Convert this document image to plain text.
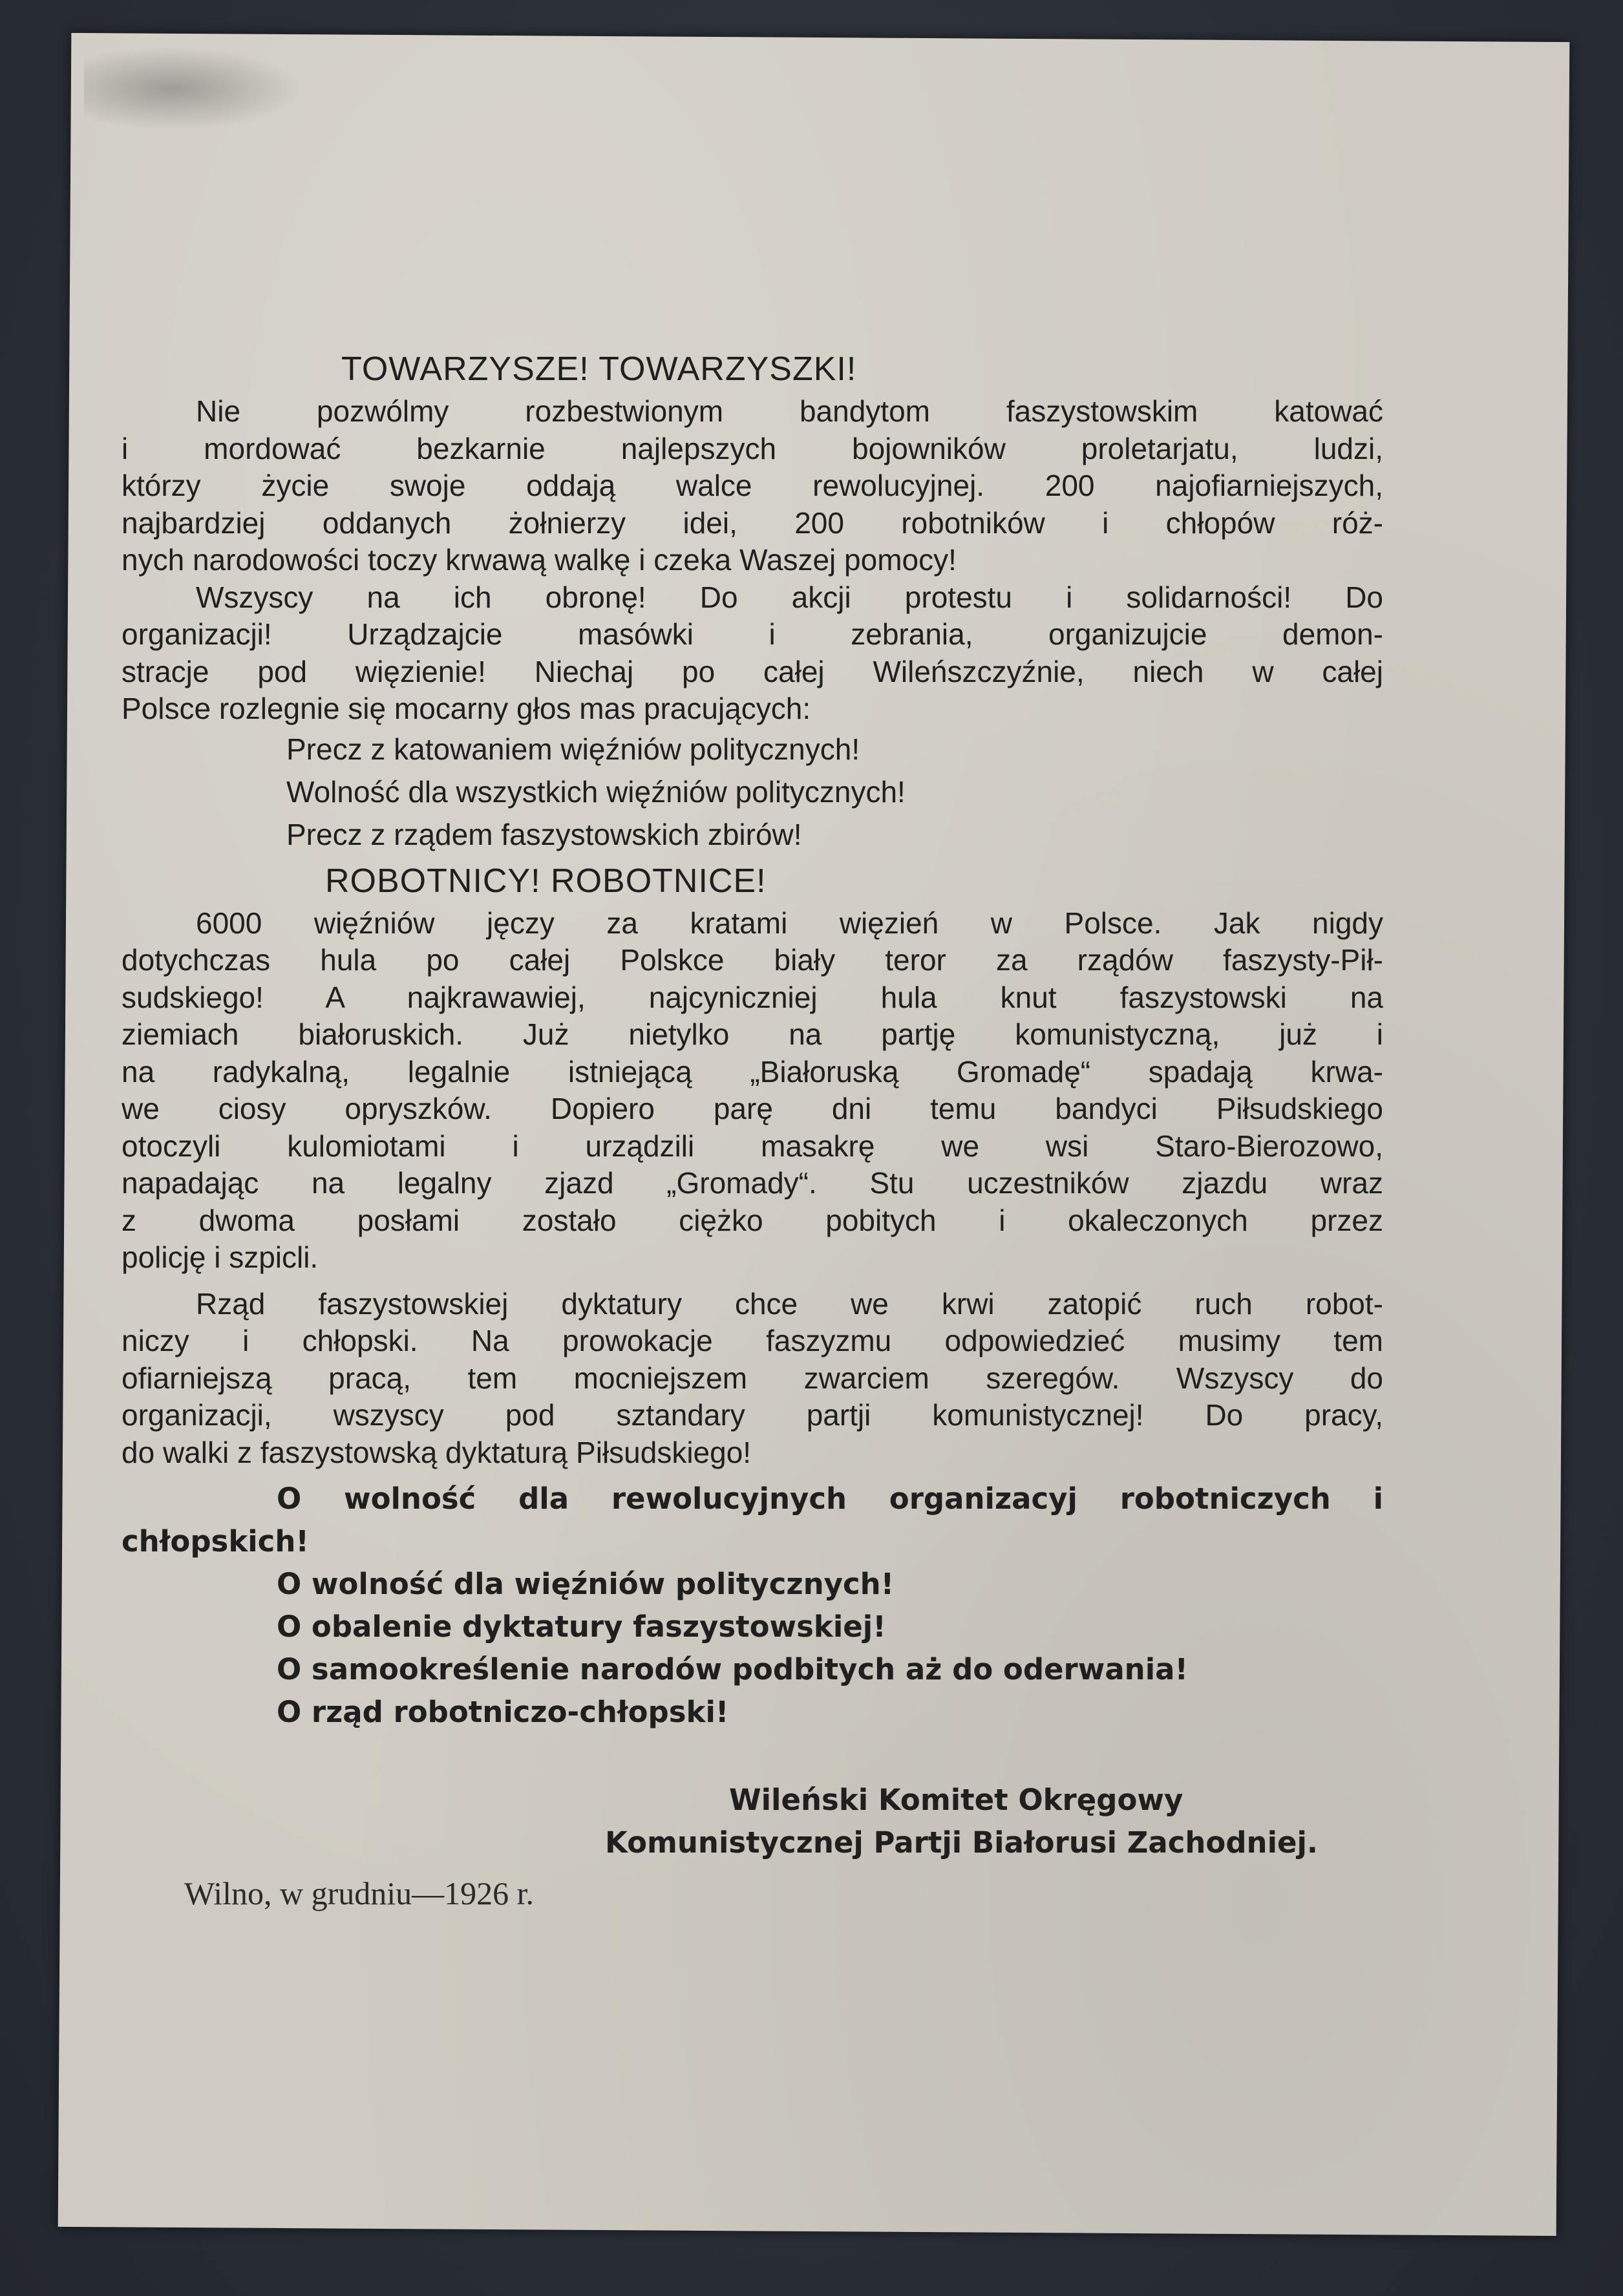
TOWARZYSZE! TOWARZYSZKI!

Nie pozwólmy rozbestwionym bandytom faszystowskim katować
i mordować bezkarnie najlepszych bojowników proletarjatu, ludzi,
którzy życie swoje oddają walce rewolucyjnej. 200 najofiarniejszych,
najbardziej oddanych żołnierzy idei, 200 robotników i chłopów róż-
nych narodowości toczy krwawą walkę i czeka Waszej pomocy!
Wszyscy na ich obronę! Do akcji protestu i solidarności! Do
organizacji! Urządzajcie masówki i zebrania, organizujcie demon-
stracje pod więzienie! Niechaj po całej Wileńszczyźnie, niech w całej
Polsce rozlegnie się mocarny głos mas pracujących:

Precz z katowaniem więźniów politycznych!

Wolność dla wszystkich więźniów politycznych!

Precz z rządem faszystowskich zbirów!

ROBOTNICY! ROBOTNICE!

6000 więźniów jęczy za kratami więzień w Polsce. Jak nigdy
dotychczas hula po całej Polskce biały teror za rządów faszysty-Pił-
sudskiego! A najkrawawiej, najcyniczniej hula knut faszystowski na
ziemiach białoruskich. Już nietylko na partję komunistyczną, już i
na radykalną, legalnie istniejącą „Białoruską Gromadę“ spadają krwa-
we ciosy opryszków. Dopiero parę dni temu bandyci Piłsudskiego
otoczyli kulomiotami i urządzili masakrę we wsi Staro-Bierozowo,
napadając na legalny zjazd „Gromady“. Stu uczestników zjazdu wraz
z dwoma posłami zostało ciężko pobitych i okaleczonych przez
policję i szpicli.
Rząd faszystowskiej dyktatury chce we krwi zatopić ruch robot-
niczy i chłopski. Na prowokacje faszyzmu odpowiedzieć musimy tem
ofiarniejszą pracą, tem mocniejszem zwarciem szeregów. Wszyscy do
organizacji, wszyscy pod sztandary partji komunistycznej! Do pracy,
do walki z faszystowską dyktaturą Piłsudskiego!

O wolność dla rewolucyjnych organizacyj robotniczych i

chłopskich!

O wolność dla więźniów politycznych!

O obalenie dyktatury faszystowskiej!

O samookreślenie narodów podbitych aż do oderwania!

O rząd robotniczo-chłopski!

Wileński Komitet Okręgowy

Komunistycznej Partji Białorusi Zachodniej.

Wilno, w grudniu—1926 r.
